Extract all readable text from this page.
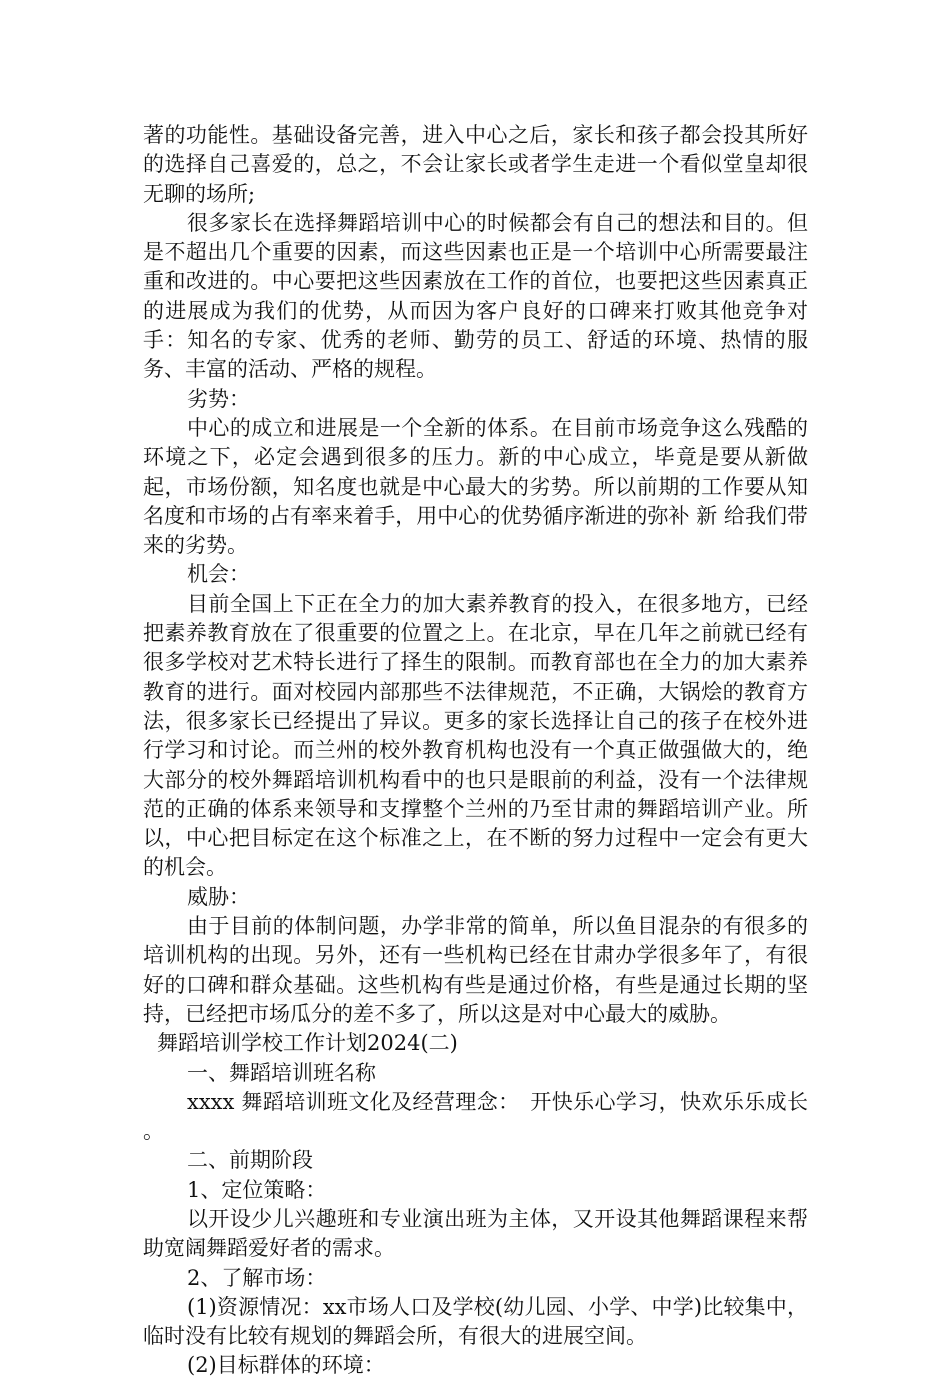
著的功能性。基础设备完善，进入中心之后，家长和孩子都会投其所好的选择自己喜爱的，总之，不会让家长或者学生走进一个看似堂皇却很无聊的场所;

很多家长在选择舞蹈培训中心的时候都会有自己的想法和目的。但是不超出几个重要的因素，而这些因素也正是一个培训中心所需要最注重和改进的。中心要把这些因素放在工作的首位，也要把这些因素真正的进展成为我们的优势，从而因为客户良好的口碑来打败其他竞争对手：知名的专家、优秀的老师、勤劳的员工、舒适的环境、热情的服务、丰富的活动、严格的规程。

劣势：

中心的成立和进展是一个全新的体系。在目前市场竞争这么残酷的环境之下，必定会遇到很多的压力。新的中心成立，毕竟是要从新做起，市场份额，知名度也就是中心最大的劣势。所以前期的工作要从知名度和市场的占有率来着手，用中心的优势循序渐进的弥补 新 给我们带来的劣势。

机会：

目前全国上下正在全力的加大素养教育的投入，在很多地方，已经把素养教育放在了很重要的位置之上。在北京，早在几年之前就已经有很多学校对艺术特长进行了择生的限制。而教育部也在全力的加大素养教育的进行。面对校园内部那些不法律规范，不正确，大锅烩的教育方法，很多家长已经提出了异议。更多的家长选择让自己的孩子在校外进行学习和讨论。而兰州的校外教育机构也没有一个真正做强做大的，绝大部分的校外舞蹈培训机构看中的也只是眼前的利益，没有一个法律规范的正确的体系来领导和支撑整个兰州的乃至甘肃的舞蹈培训产业。所以，中心把目标定在这个标准之上，在不断的努力过程中一定会有更大的机会。

威胁：

由于目前的体制问题，办学非常的简单，所以鱼目混杂的有很多的培训机构的出现。另外，还有一些机构已经在甘肃办学很多年了，有很好的口碑和群众基础。这些机构有些是通过价格，有些是通过长期的坚持，已经把市场瓜分的差不多了，所以这是对中心最大的威胁。

舞蹈培训学校工作计划2024(二)

一、舞蹈培训班名称

xxxx 舞蹈培训班文化及经营理念：　开快乐心学习，快欢乐乐成长 。

二、前期阶段

1、定位策略：

以开设少儿兴趣班和专业演出班为主体，又开设其他舞蹈课程来帮助宽阔舞蹈爱好者的需求。

2、了解市场：

(1)资源情况：xx市场人口及学校(幼儿园、小学、中学)比较集中，临时没有比较有规划的舞蹈会所，有很大的进展空间。

(2)目标群体的环境：
